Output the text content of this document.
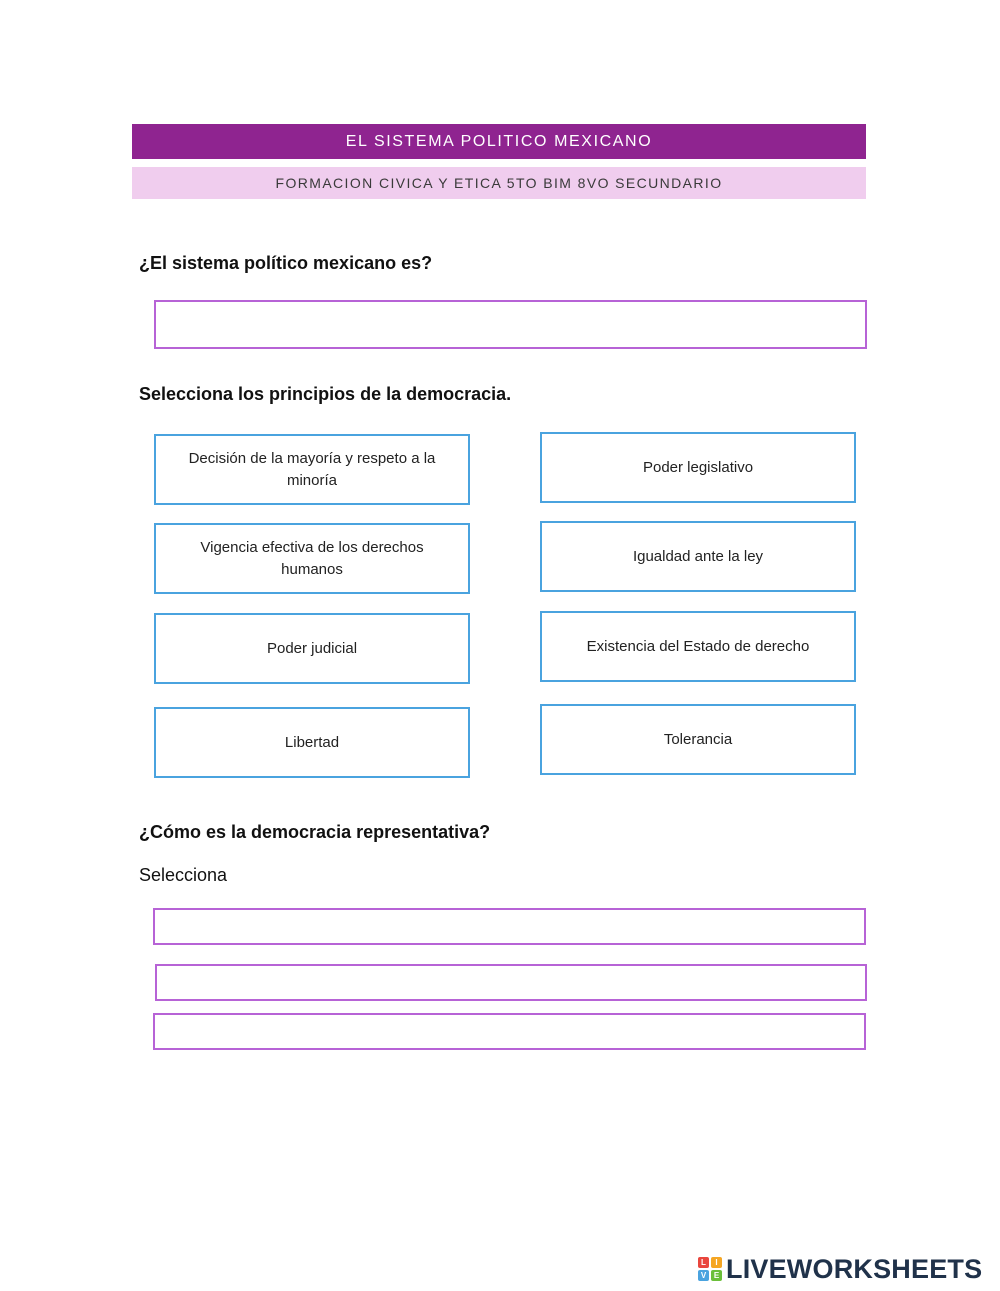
EL SISTEMA POLITICO MEXICANO
FORMACION CIVICA Y ETICA 5TO BIM 8VO SECUNDARIO
¿El sistema político mexicano es?
Selecciona los principios de la democracia.
Decisión de la mayoría y respeto a la minoría
Poder legislativo
Vigencia efectiva de los derechos humanos
Igualdad ante la ley
Poder judicial	Existencia del Estado de derecho
Libertad	Tolerancia
¿Cómo es la democracia representativa?
Selecciona
L	I
V E LIVEWORKSHEETS
